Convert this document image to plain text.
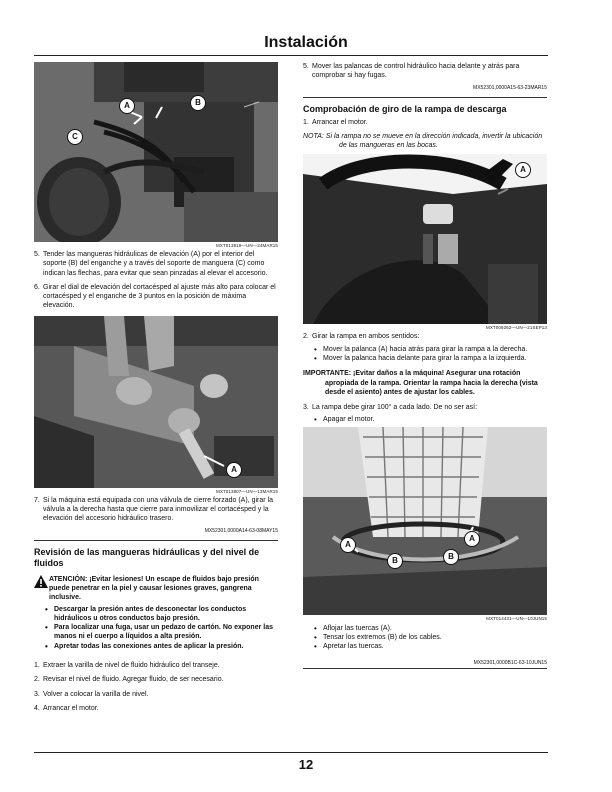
Instalación
A	B
C
MXT013819—UN—24MAR15
5. Tender las mangueras hidráulicas de elevación (A) por el interior del soporte (B) del enganche y a través del soporte de manguera (C) como indican las flechas, para evitar que sean pinzadas al elevar el accesorio.
6. Girar el dial de elevación del cortacésped al ajuste más alto para colocar el cortacésped y el enganche de 3 puntos en la posición de máxima elevación.
A
MXT013807—UN—13MAR15
7. Si la máquina está equipada con una válvula de cierre forzado (A), girar la válvula a la derecha hasta que cierre para inmovilizar el cortacésped y la elevación del accesorio hidráulico trasero.
MX52301,0000A14-63-08MAY15
Revisión de las mangueras hidráulicas y del nivel de fluidos
ATENCIÓN: ¡Evitar lesiones! Un escape de fluidos bajo presión puede penetrar en la piel y causar lesiones graves, gangrena inclusive.
• Descargar la presión antes de desconectar los conductos hidráulicos u otros conductos bajo presión.
• Para localizar una fuga, usar un pedazo de cartón. No exponer las manos ni el cuerpo a líquidos a alta presión.
• Apretar todas las conexiones antes de aplicar la presión.
1. Extraer la varilla de nivel de fluido hidráulico del transeje.
2. Revisar el nivel de fluido. Agregar fluido, de ser necesario.
3. Volver a colocar la varilla de nivel.
4. Arrancar el motor.
5. Mover las palancas de control hidráulico hacia delante y atrás para comprobar si hay fugas.
MX52301,0000A15-63-23MAR15
Comprobación de giro de la rampa de descarga
1. Arrancar el motor.
NOTA: Si la rampa no se mueve en la dirección indicada, invertir la ubicación de las mangueras en las bocas.
A
MXT009262—UN—21SEP13
2. Girar la rampa en ambos sentidos:
• Mover la palanca (A) hacia atrás para girar la rampa a la derecha.
• Mover la palanca hacia delante para girar la rampa a la izquierda.
IMPORTANTE: ¡Evitar daños a la máquina! Asegurar una rotación apropiada de la rampa. Orientar la rampa hacia la derecha (vista desde el asiento) antes de ajustar los cables.
3. La rampa debe girar 100° a cada lado. De no ser así:
• Apagar el motor.
A
A
B	B
MXT014431—UN—10JUN15
• Aflojar las tuercas (A).
• Tensar los extremos (B) de los cables.
• Apretar las tuercas.
MX52301,0000B1C-63-10JUN15
12
